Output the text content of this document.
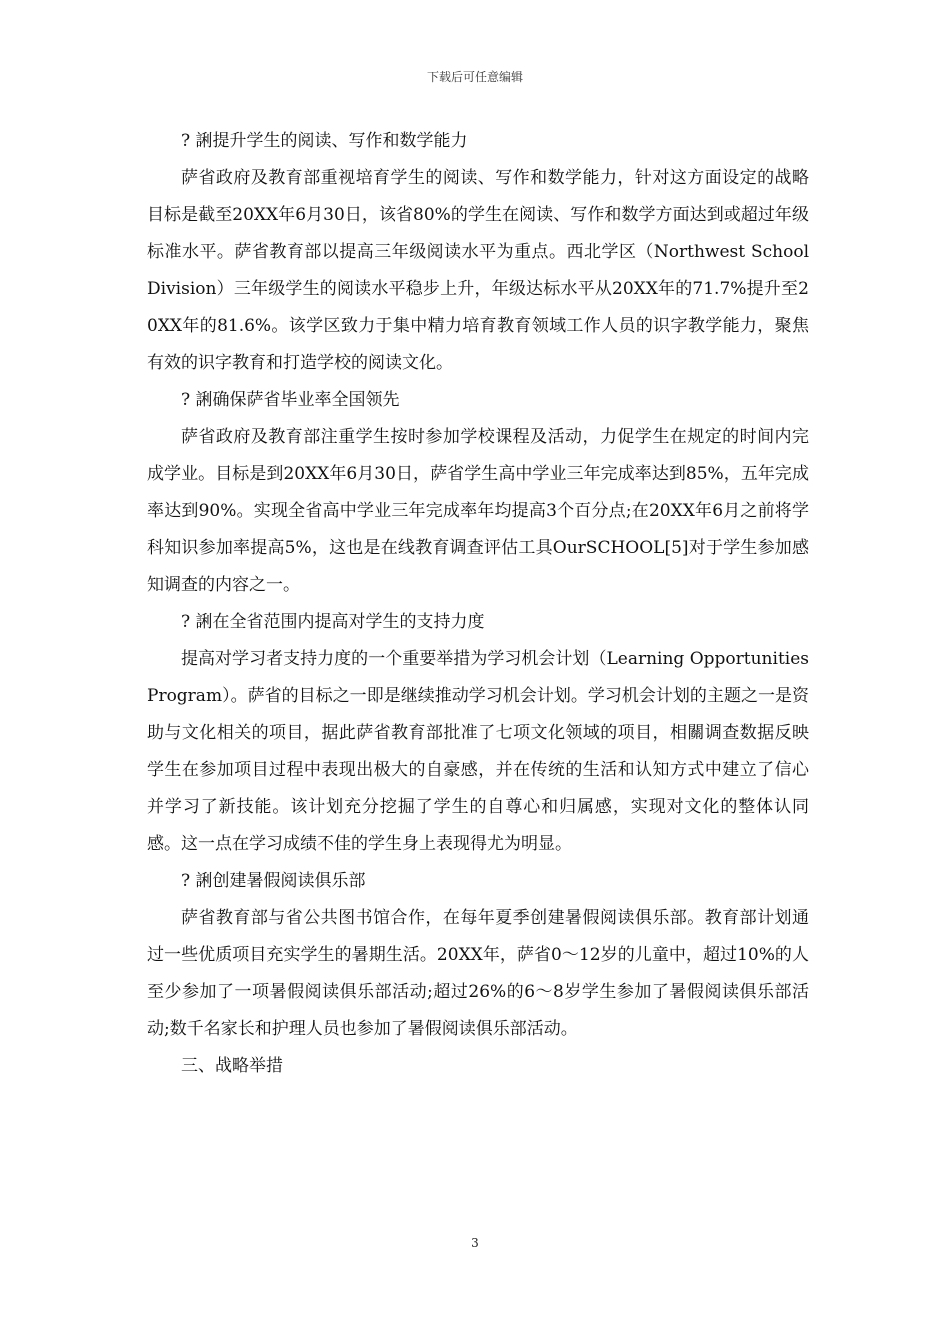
下载后可任意编辑

? 誗提升学生的阅读、写作和数学能力

萨省政府及教育部重视培育学生的阅读、写作和数学能力，针对这方面设定的战略目标是截至20XX年6月30日，该省80%的学生在阅读、写作和数学方面达到或超过年级标准水平。萨省教育部以提高三年级阅读水平为重点。西北学区（Northwest School Division）三年级学生的阅读水平稳步上升，年级达标水平从20XX年的71.7%提升至20XX年的81.6%。该学区致力于集中精力培育教育领域工作人员的识字教学能力，聚焦有效的识字教育和打造学校的阅读文化。

? 誗确保萨省毕业率全国领先

萨省政府及教育部注重学生按时参加学校课程及活动，力促学生在规定的时间内完成学业。目标是到20XX年6月30日，萨省学生高中学业三年完成率达到85%，五年完成率达到90%。实现全省高中学业三年完成率年均提高3个百分点;在20XX年6月之前将学科知识参加率提高5%，这也是在线教育调查评估工具OurSCHOOL[5]对于学生参加感知调查的内容之一。

? 誗在全省范围内提高对学生的支持力度

提高对学习者支持力度的一个重要举措为学习机会计划（Learning Opportunities Program）。萨省的目标之一即是继续推动学习机会计划。学习机会计划的主题之一是资助与文化相关的项目，据此萨省教育部批准了七项文化领域的项目，相關调查数据反映学生在参加项目过程中表现出极大的自豪感，并在传统的生活和认知方式中建立了信心并学习了新技能。该计划充分挖掘了学生的自尊心和归属感，实现对文化的整体认同感。这一点在学习成绩不佳的学生身上表现得尤为明显。

? 誗创建暑假阅读俱乐部

萨省教育部与省公共图书馆合作，在每年夏季创建暑假阅读俱乐部。教育部计划通过一些优质项目充实学生的暑期生活。20XX年，萨省0～12岁的儿童中，超过10%的人至少参加了一项暑假阅读俱乐部活动;超过26%的6～8岁学生参加了暑假阅读俱乐部活动;数千名家长和护理人员也参加了暑假阅读俱乐部活动。

三、战略举措

3
